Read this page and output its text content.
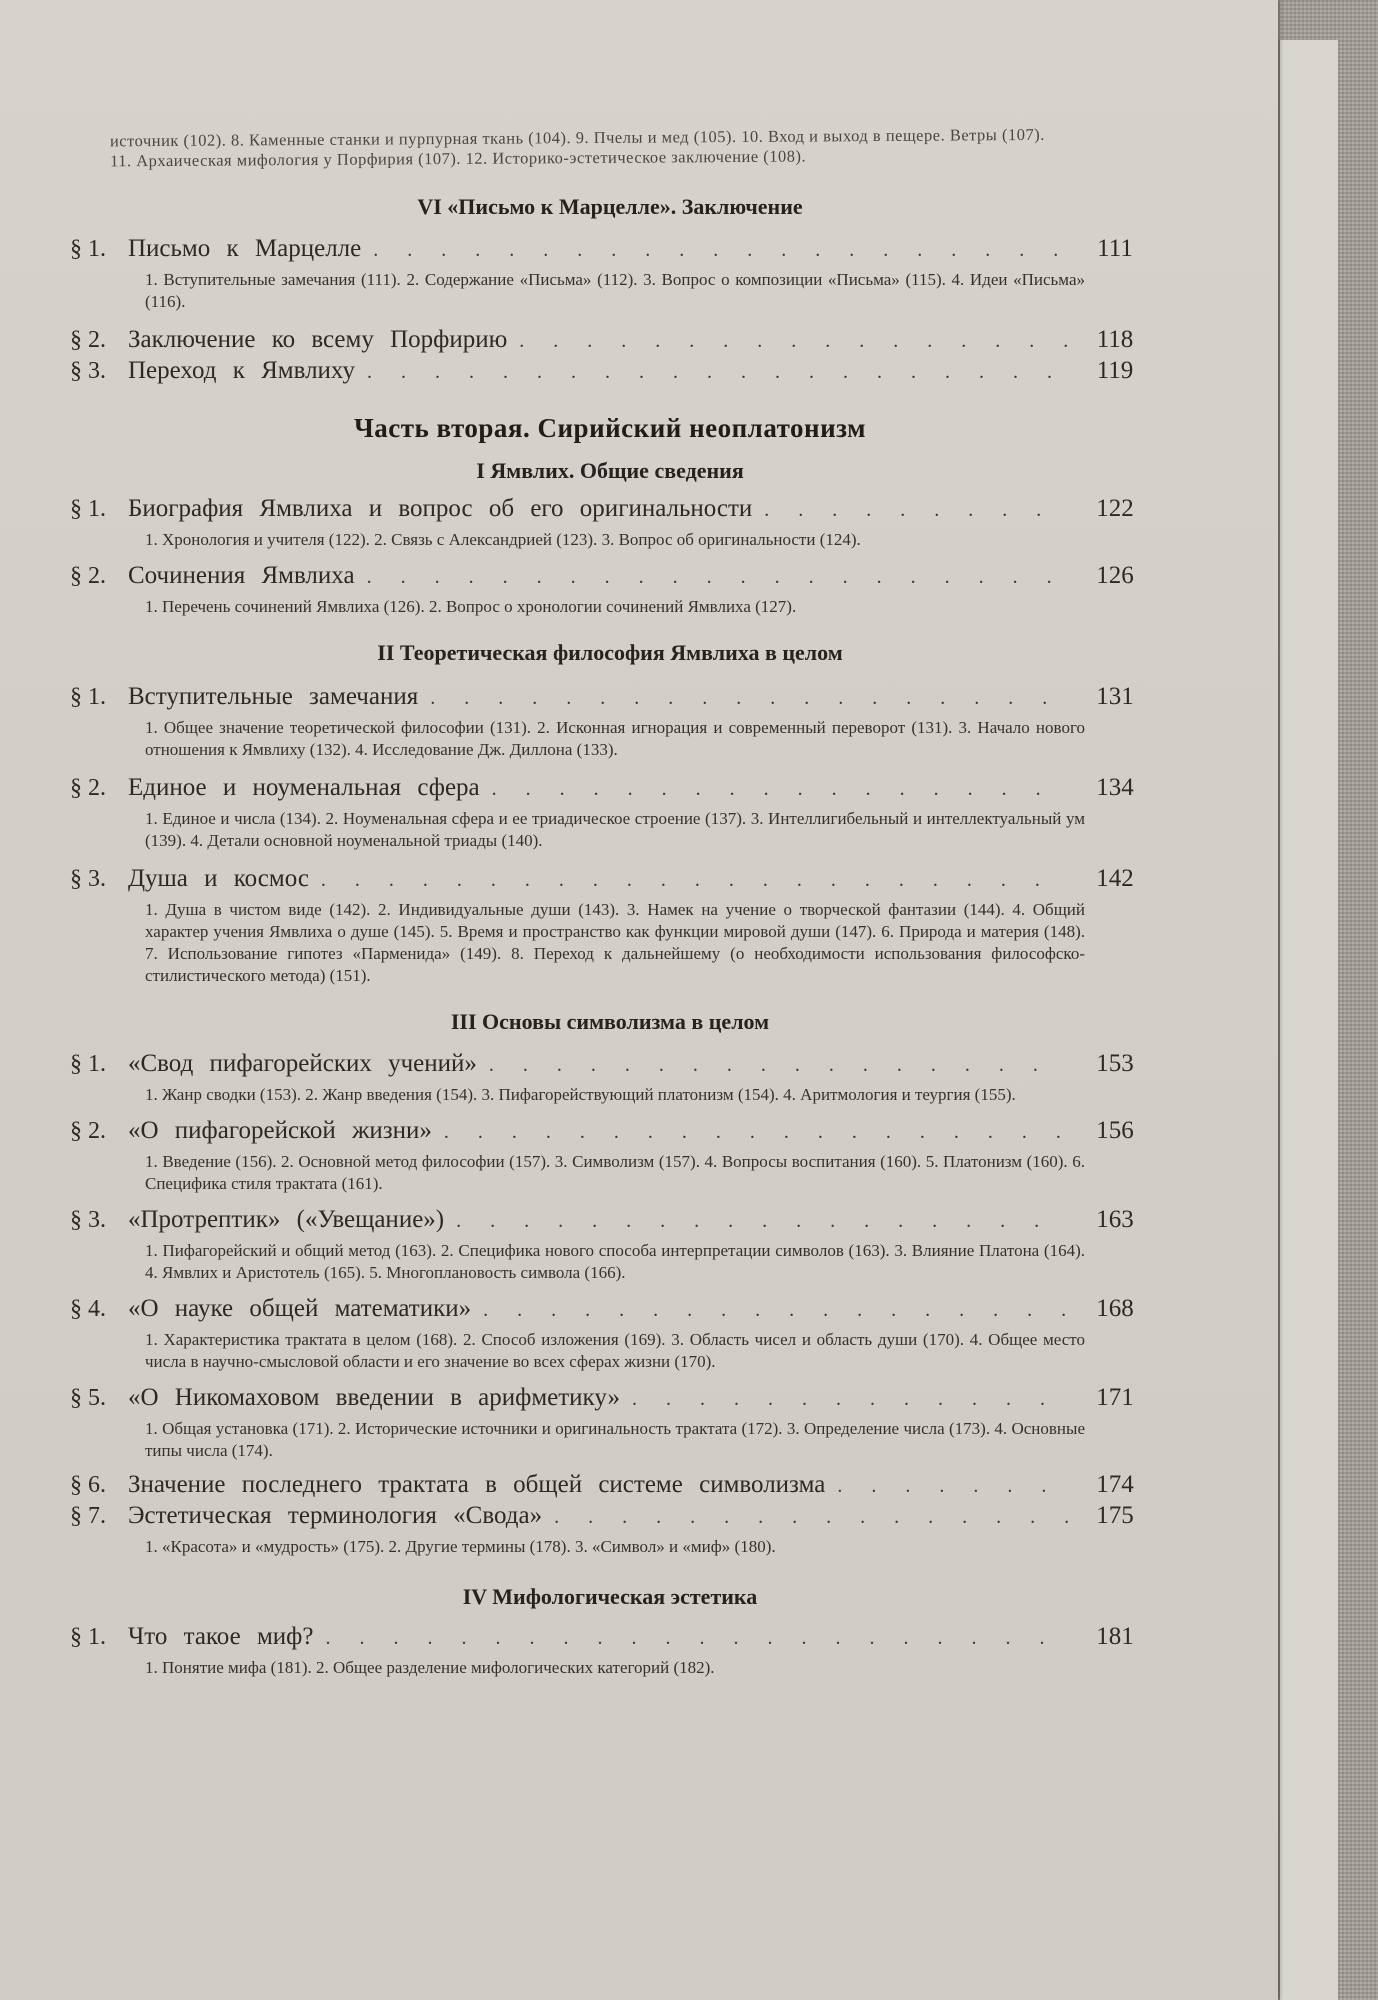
источник (102). 8. Каменные станки и пурпурная ткань (104). 9. Пчелы и мед (105). 10. Вход и выход в пещере. Ветры (107). 11. Архаическая мифология у Порфирия (107). 12. Историко-эстетическое заключение (108).
VI «Письмо к Марцелле». Заключение
§ 1. Письмо к Марцелле . . .	111
1. Вступительные замечания (111). 2. Содержание «Письма» (112). 3. Вопрос о композиции «Письма» (115). 4. Идеи «Письма» (116).
§ 2. Заключение ко всему Порфирию . . .	118
§ 3. Переход к Ямвлиху . . .	119
Часть вторая. Сирийский неоплатонизм
I Ямвлих. Общие сведения
§ 1. Биография Ямвлиха и вопрос об его оригинальности . . .	122
1. Хронология и учителя (122). 2. Связь с Александрией (123). 3. Вопрос об оригинальности (124).
§ 2. Сочинения Ямвлиха . . .	126
1. Перечень сочинений Ямвлиха (126). 2. Вопрос о хронологии сочинений Ямвлиха (127).
II Теоретическая философия Ямвлиха в целом
§ 1. Вступительные замечания . . .	131
1. Общее значение теоретической философии (131). 2. Исконная игнорация и современный переворот (131). 3. Начало нового отношения к Ямвлиху (132). 4. Исследование Дж. Диллона (133).
§ 2. Единое и ноуменальная сфера . . .	134
1. Единое и числа (134). 2. Ноуменальная сфера и ее триадическое строение (137). 3. Интеллигибельный и интеллектуальный ум (139). 4. Детали основной ноуменальной триады (140).
§ 3. Душа и космос . . .	142
1. Душа в чистом виде (142). 2. Индивидуальные души (143). 3. Намек на учение о творческой фантазии (144). 4. Общий характер учения Ямвлиха о душе (145). 5. Время и пространство как функции мировой души (147). 6. Природа и материя (148). 7. Использование гипотез «Парменида» (149). 8. Переход к дальнейшему (о необходимости использования философско-стилистического метода) (151).
III Основы символизма в целом
§ 1. «Свод пифагорейских учений» . . .	153
1. Жанр сводки (153). 2. Жанр введения (154). 3. Пифагорействующий платонизм (154). 4. Аритмология и теургия (155).
§ 2. «О пифагорейской жизни» . . .	156
1. Введение (156). 2. Основной метод философии (157). 3. Символизм (157). 4. Вопросы воспитания (160). 5. Платонизм (160). 6. Специфика стиля трактата (161).
§ 3. «Протрептик» («Увещание») . . .	163
1. Пифагорейский и общий метод (163). 2. Специфика нового способа интерпретации символов (163). 3. Влияние Платона (164). 4. Ямвлих и Аристотель (165). 5. Многоплановость символа (166).
§ 4. «О науке общей математики» . . .	168
1. Характеристика трактата в целом (168). 2. Способ изложения (169). 3. Область чисел и область души (170). 4. Общее место числа в научно-смысловой области и его значение во всех сферах жизни (170).
§ 5. «О Никомаховом введении в арифметику» . . .	171
1. Общая установка (171). 2. Исторические источники и оригинальность трактата (172). 3. Определение числа (173). 4. Основные типы числа (174).
§ 6. Значение последнего трактата в общей системе символизма . . .	174
§ 7. Эстетическая терминология «Свода» . . .	175
1. «Красота» и «мудрость» (175). 2. Другие термины (178). 3. «Символ» и «миф» (180).
IV Мифологическая эстетика
§ 1. Что такое миф? . . .	181
1. Понятие мифа (181). 2. Общее разделение мифологических категорий (182).
